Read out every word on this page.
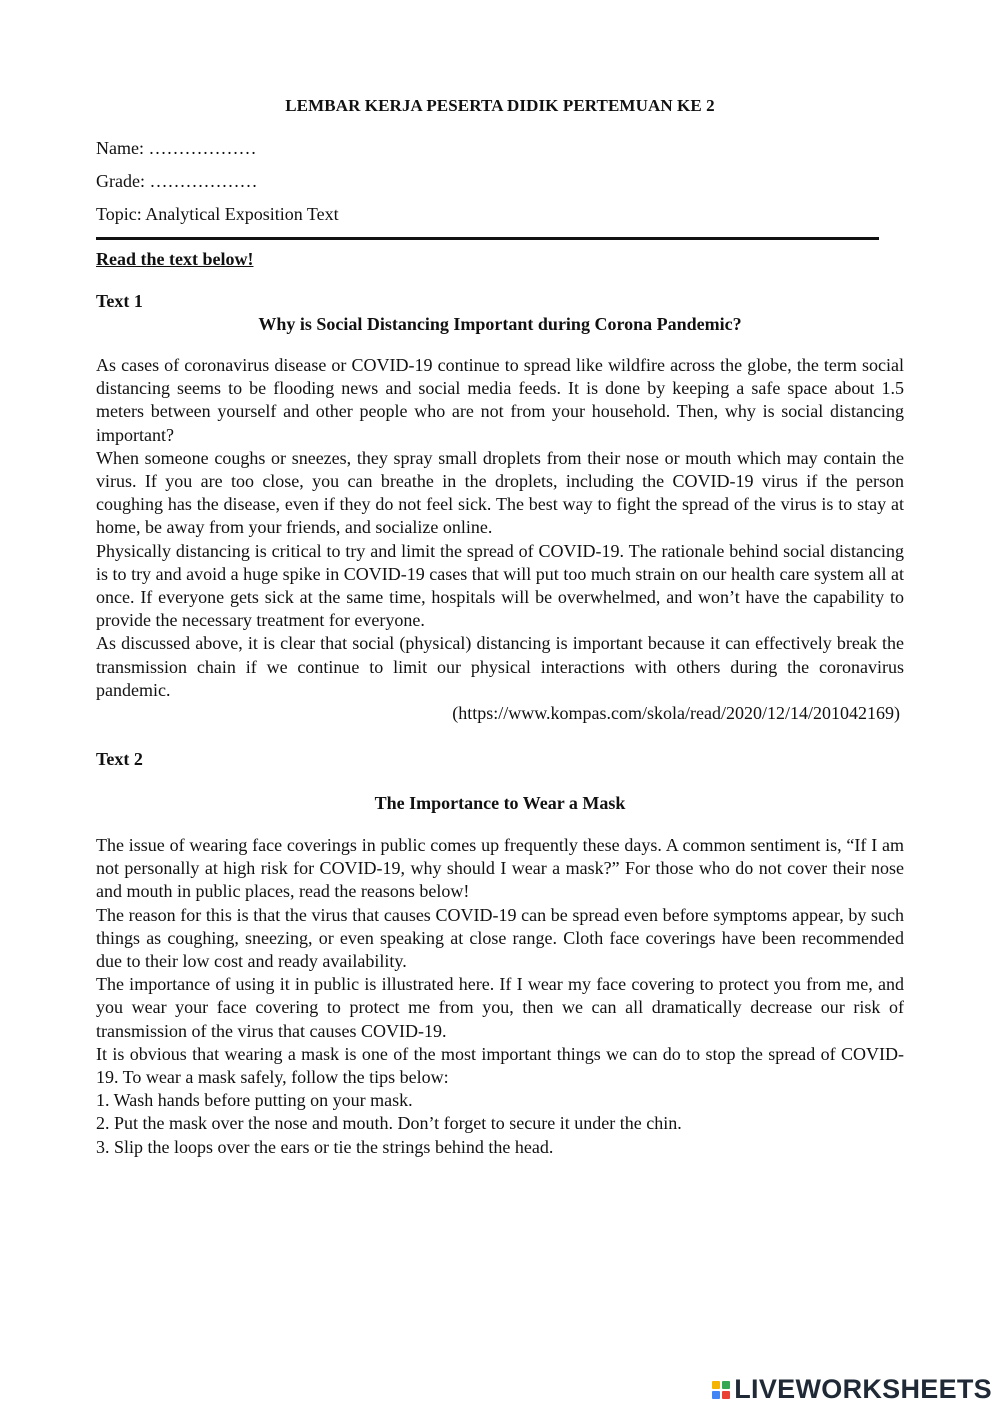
LEMBAR KERJA PESERTA DIDIK PERTEMUAN KE 2

Name: ………………

Grade: ………………

Topic: Analytical Exposition Text

Read the text below!

Text 1

Why is Social Distancing Important during Corona Pandemic?

As cases of coronavirus disease or COVID-19 continue to spread like wildfire across the globe, the term social distancing seems to be flooding news and social media feeds. It is done by keeping a safe space about 1.5 meters between yourself and other people who are not from your household. Then, why is social distancing important?

When someone coughs or sneezes, they spray small droplets from their nose or mouth which may contain the virus. If you are too close, you can breathe in the droplets, including the COVID-19 virus if the person coughing has the disease, even if they do not feel sick. The best way to fight the spread of the virus is to stay at home, be away from your friends, and socialize online.

Physically distancing is critical to try and limit the spread of COVID-19. The rationale behind social distancing is to try and avoid a huge spike in COVID-19 cases that will put too much strain on our health care system all at once. If everyone gets sick at the same time, hospitals will be overwhelmed, and won’t have the capability to provide the necessary treatment for everyone.

As discussed above, it is clear that social (physical) distancing is important because it can effectively break the transmission chain if we continue to limit our physical interactions with others during the coronavirus pandemic.

(https://www.kompas.com/skola/read/2020/12/14/201042169)

Text 2

The Importance to Wear a Mask

The issue of wearing face coverings in public comes up frequently these days. A common sentiment is, “If I am not personally at high risk for COVID-19, why should I wear a mask?” For those who do not cover their nose and mouth in public places, read the reasons below!

The reason for this is that the virus that causes COVID-19 can be spread even before symptoms appear, by such things as coughing, sneezing, or even speaking at close range. Cloth face coverings have been recommended due to their low cost and ready availability.

The importance of using it in public is illustrated here. If I wear my face covering to protect you from me, and you wear your face covering to protect me from you, then we can all dramatically decrease our risk of transmission of the virus that causes COVID-19.

It is obvious that wearing a mask is one of the most important things we can do to stop the spread of COVID-19. To wear a mask safely, follow the tips below:

1. Wash hands before putting on your mask.
2. Put the mask over the nose and mouth. Don’t forget to secure it under the chin.
3. Slip the loops over the ears or tie the strings behind the head.
LIVEWORKSHEETS
